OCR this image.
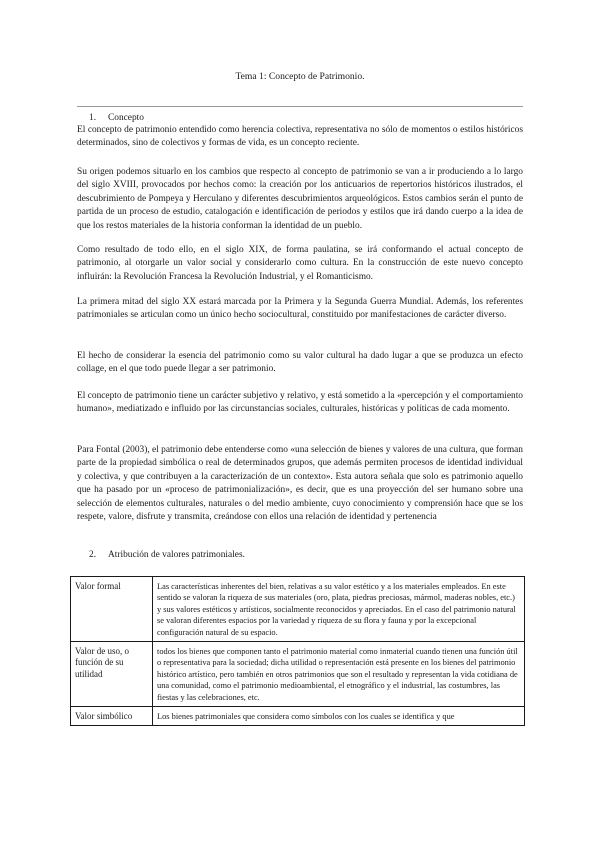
Tema 1: Concepto de Patrimonio.
1. Concepto

El concepto de patrimonio entendido como herencia colectiva, representativa no sólo de momentos o estilos históricos determinados, sino de colectivos y formas de vida, es un concepto reciente.

Su origen podemos situarlo en los cambios que respecto al concepto de patrimonio se van a ir produciendo a lo largo del siglo XVIII, provocados por hechos como: la creación por los anticuarios de repertorios históricos ilustrados, el descubrimiento de Pompeya y Herculano y diferentes descubrimientos arqueológicos. Estos cambios serán el punto de partida de un proceso de estudio, catalogación e identificación de periodos y estilos que irá dando cuerpo a la idea de que los restos materiales de la historia conforman la identidad de un pueblo.

Como resultado de todo ello, en el siglo XIX, de forma paulatina, se irá conformando el actual concepto de patrimonio, al otorgarle un valor social y considerarlo como cultura. En la construcción de este nuevo concepto influirán: la Revolución Francesa la Revolución Industrial, y el Romanticismo.

La primera mitad del siglo XX estará marcada por la Primera y la Segunda Guerra Mundial. Además, los referentes patrimoniales se articulan como un único hecho sociocultural, constituido por manifestaciones de carácter diverso.

El hecho de considerar la esencia del patrimonio como su valor cultural ha dado lugar a que se produzca un efecto collage, en el que todo puede llegar a ser patrimonio.

El concepto de patrimonio tiene un carácter subjetivo y relativo, y está sometido a la «percepción y el comportamiento humano», mediatizado e influido por las circunstancias sociales, culturales, históricas y políticas de cada momento.

Para Fontal (2003), el patrimonio debe entenderse como «una selección de bienes y valores de una cultura, que forman parte de la propiedad simbólica o real de determinados grupos, que además permiten procesos de identidad individual y colectiva, y que contribuyen a la caracterización de un contexto». Esta autora señala que solo es patrimonio aquello que ha pasado por un «proceso de patrimonialización», es decir, que es una proyección del ser humano sobre una selección de elementos culturales, naturales o del medio ambiente, cuyo conocimiento y comprensión hace que se los respete, valore, disfrute y transmita, creándose con ellos una relación de identidad y pertenencia

2. Atribución de valores patrimoniales.
Valor formal	Las características inherentes del bien, relativas a su valor estético y a los materiales empleados. En este sentido se valoran la riqueza de sus materiales (oro, plata, piedras preciosas, mármol, maderas nobles, etc.) y sus valores estéticos y artísticos, socialmente reconocidos y apreciados. En el caso del patrimonio natural se valoran diferentes espacios por la variedad y riqueza de su flora y fauna y por la excepcional configuración natural de su espacio.
Valor de uso, o función de su utilidad	todos los bienes que componen tanto el patrimonio material como inmaterial cuando tienen una función útil o representativa para la sociedad; dicha utilidad o representación está presente en los bienes del patrimonio histórico artístico, pero también en otros patrimonios que son el resultado y representan la vida cotidiana de una comunidad, como el patrimonio medioambiental, el etnográfico y el industrial, las costumbres, las fiestas y las celebraciones, etc.
Valor simbólico	Los bienes patrimoniales que considera como símbolos con los cuales se identifica y que
